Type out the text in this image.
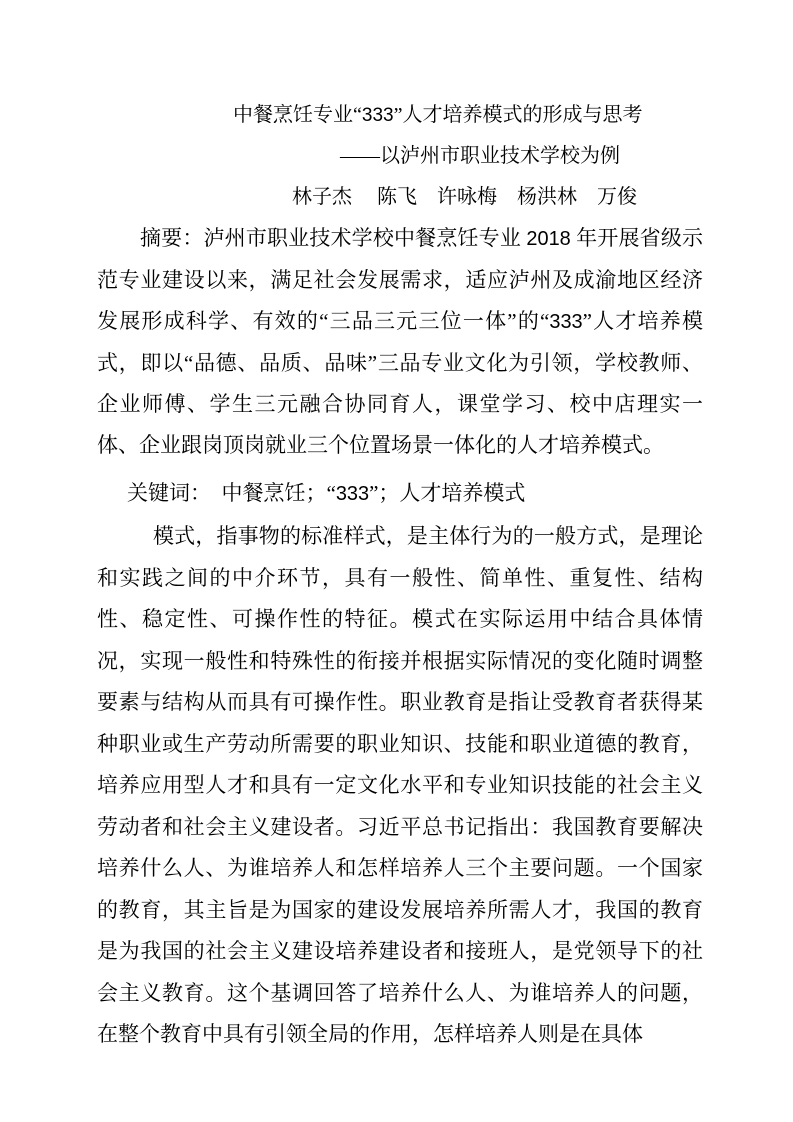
中餐烹饪专业“333”人才培养模式的形成与思考
——以泸州市职业技术学校为例
林子杰　 陈飞　许咏梅　杨洪林　万俊
摘要：泸州市职业技术学校中餐烹饪专业 2018 年开展省级示范专业建设以来，满足社会发展需求，适应泸州及成渝地区经济发展形成科学、有效的“三品三元三位一体”的“333”人才培养模式，即以“品德、品质、品味”三品专业文化为引领，学校教师、企业师傅、学生三元融合协同育人，课堂学习、校中店理实一体、企业跟岗顶岗就业三个位置场景一体化的人才培养模式。
关键词：　中餐烹饪；“333”；人才培养模式
模式，指事物的标准样式，是主体行为的一般方式，是理论和实践之间的中介环节，具有一般性、简单性、重复性、结构性、稳定性、可操作性的特征。模式在实际运用中结合具体情况，实现一般性和特殊性的衔接并根据实际情况的变化随时调整要素与结构从而具有可操作性。职业教育是指让受教育者获得某种职业或生产劳动所需要的职业知识、技能和职业道德的教育，培养应用型人才和具有一定文化水平和专业知识技能的社会主义劳动者和社会主义建设者。习近平总书记指出：我国教育要解决培养什么人、为谁培养人和怎样培养人三个主要问题。一个国家的教育，其主旨是为国家的建设发展培养所需人才，我国的教育是为我国的社会主义建设培养建设者和接班人，是党领导下的社会主义教育。这个基调回答了培养什么人、为谁培养人的问题，在整个教育中具有引领全局的作用，怎样培养人则是在具体
